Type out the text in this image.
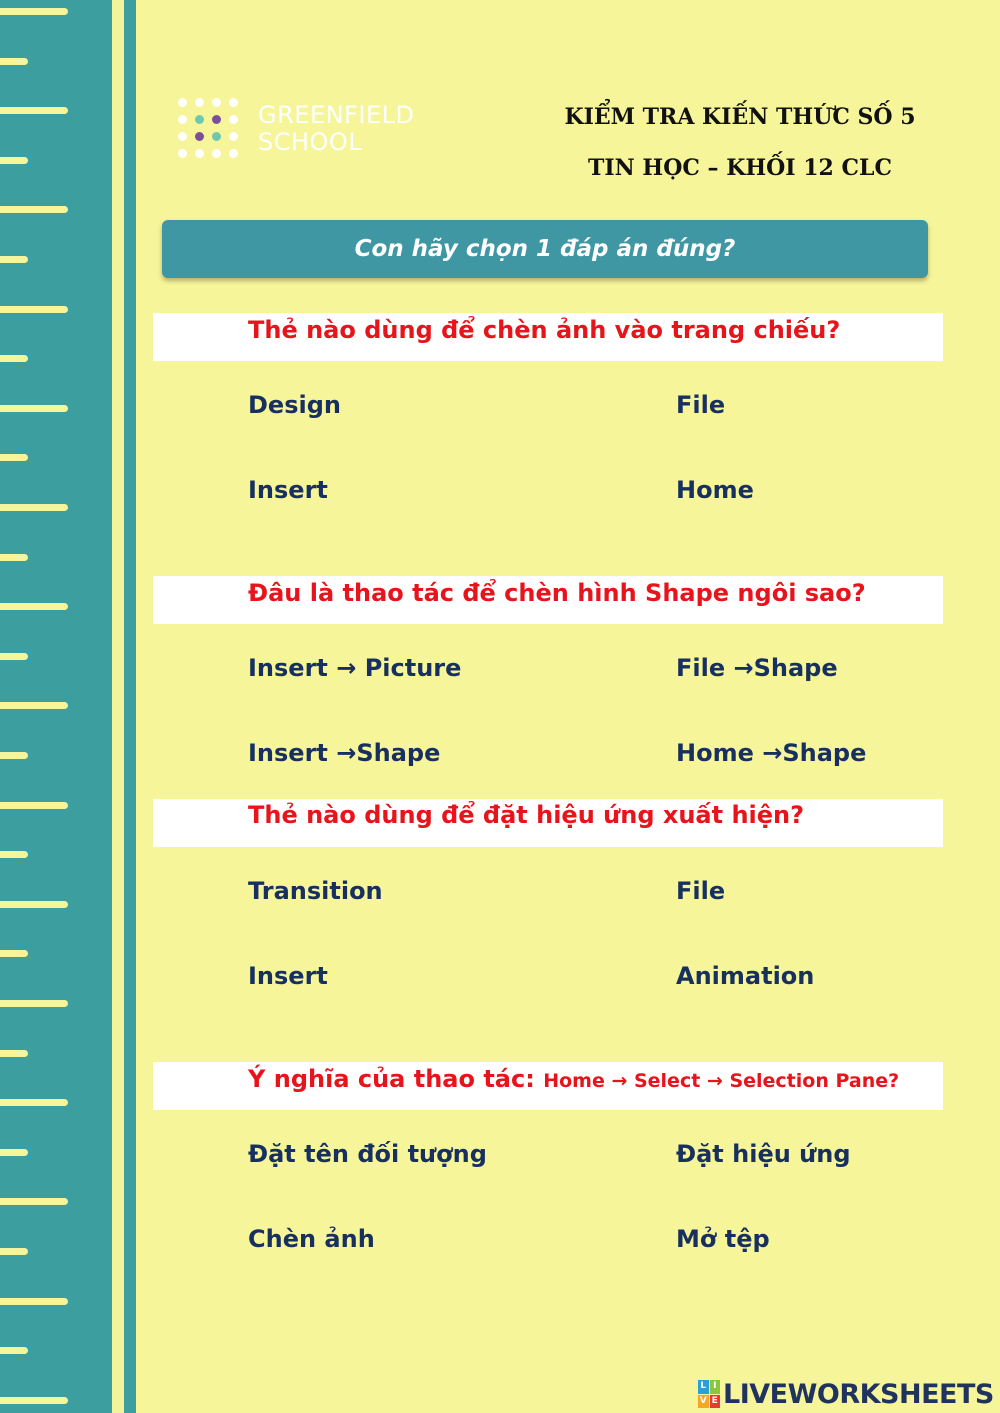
GREENFIELD
SCHOOL
KIỂM TRA KIẾN THỨC SỐ 5
TIN HỌC – KHỐI 12 CLC
Con hãy chọn 1 đáp án đúng?
Thẻ nào dùng để chèn ảnh vào trang chiếu?
Design	File
Insert	Home
Đâu là thao tác để chèn hình Shape ngôi sao?
Insert → Picture	File →Shape
Insert →Shape	Home →Shape
Thẻ nào dùng để đặt hiệu ứng xuất hiện?
Transition	File
Insert	Animation
Ý nghĩa của thao tác: Home → Select → Selection Pane?
Đặt tên đối tượng	Đặt hiệu ứng
Chèn ảnh	Mở tệp
L I
V E LIVEWORKSHEETS
